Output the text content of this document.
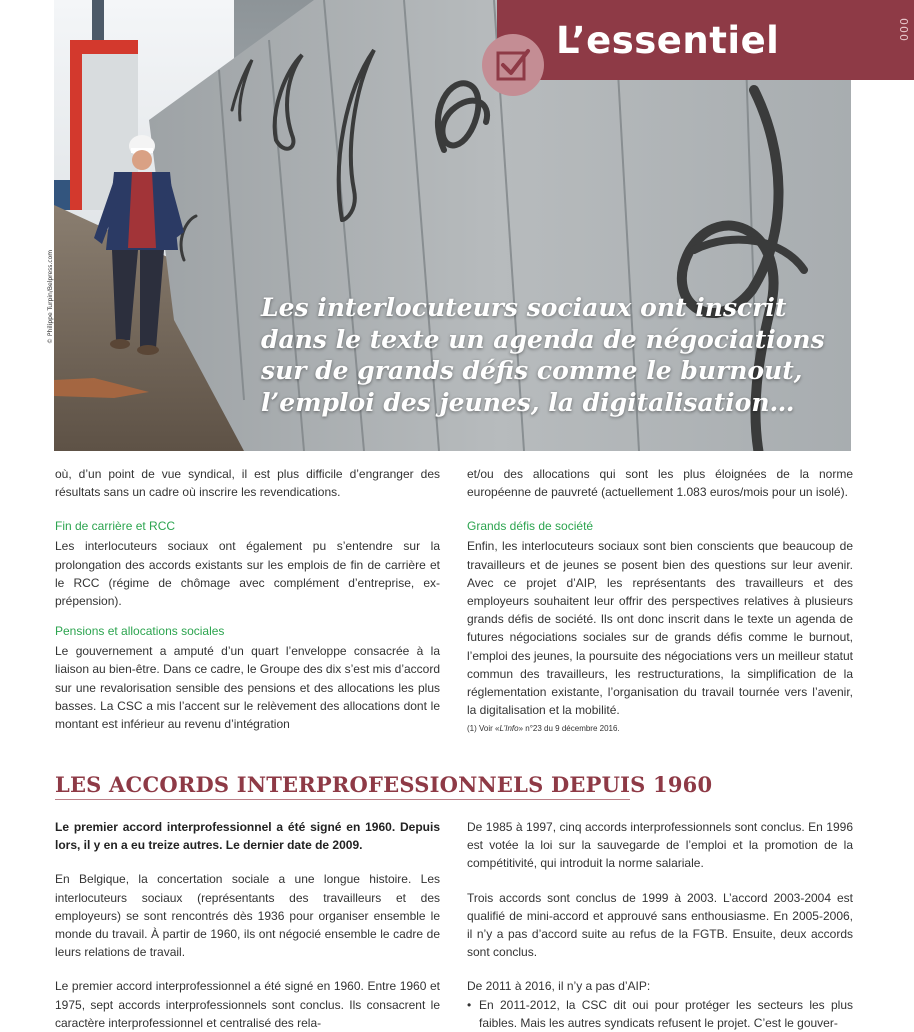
Les interlocuteurs sociaux ont inscrit dans le texte un agenda de négociations sur de grands défis comme le burnout, l’emploi des jeunes, la digitalisation…

© Philippe Turpin/Belpress.com
L’essentiel	000

où, d’un point de vue syndical, il est plus difficile d’engranger des résultats sans un cadre où inscrire les revendications.

Fin de carrière et RCC

Les interlocuteurs sociaux ont également pu s’entendre sur la prolongation des accords existants sur les emplois de fin de carrière et le RCC (régime de chômage avec complément d’entreprise, ex-prépension).

Pensions et allocations sociales

Le gouvernement a amputé d’un quart l’enveloppe consacrée à la liaison au bien-être. Dans ce cadre, le Groupe des dix s’est mis d’accord sur une revalorisation sensible des pensions et des allocations les plus basses. La CSC a mis l’accent sur le relèvement des allocations dont le montant est inférieur au revenu d’intégration

et/ou des allocations qui sont les plus éloignées de la norme européenne de pauvreté (actuellement 1.083 euros/mois pour un isolé).

Grands défis de société

Enfin, les interlocuteurs sociaux sont bien conscients que beaucoup de travailleurs et de jeunes se posent bien des questions sur leur avenir. Avec ce projet d’AIP, les représentants des travailleurs et des employeurs souhaitent leur offrir des perspectives relatives à plusieurs grands défis de société. Ils ont donc inscrit dans le texte un agenda de futures négociations sociales sur de grands défis comme le burnout, l’emploi des jeunes, la poursuite des négociations vers un meilleur statut commun des travailleurs, les restructurations, la simplification de la réglementation existante, l’organisation du travail tournée vers l’avenir, la digitalisation et la mobilité.

(1) Voir «L’Info» n°23 du 9 décembre 2016.

LES ACCORDS INTERPROFESSIONNELS DEPUIS 1960

Le premier accord interprofessionnel a été signé en 1960. Depuis lors, il y en a eu treize autres. Le dernier date de 2009.

En Belgique, la concertation sociale a une longue histoire. Les interlocuteurs sociaux (représentants des travailleurs et des employeurs) se sont rencontrés dès 1936 pour organiser ensemble le monde du travail. À partir de 1960, ils ont négocié ensemble le cadre de leurs relations de travail.

Le premier accord interprofessionnel a été signé en 1960. Entre 1960 et 1975, sept accords interprofessionnels sont conclus. Ils consacrent le caractère interprofessionnel et centralisé des rela-

De 1985 à 1997, cinq accords interprofessionnels sont conclus. En 1996 est votée la loi sur la sauvegarde de l’emploi et la promotion de la compétitivité, qui introduit la norme salariale.

Trois accords sont conclus de 1999 à 2003. L’accord 2003-2004 est qualifié de mini-accord et approuvé sans enthousiasme. En 2005-2006, il n’y a pas d’accord suite au refus de la FGTB. Ensuite, deux accords sont conclus.

De 2011 à 2016, il n’y a pas d’AIP:

• En 2011-2012, la CSC dit oui pour protéger les secteurs les plus faibles. Mais les autres syndicats refusent le projet. C’est le gouver-
